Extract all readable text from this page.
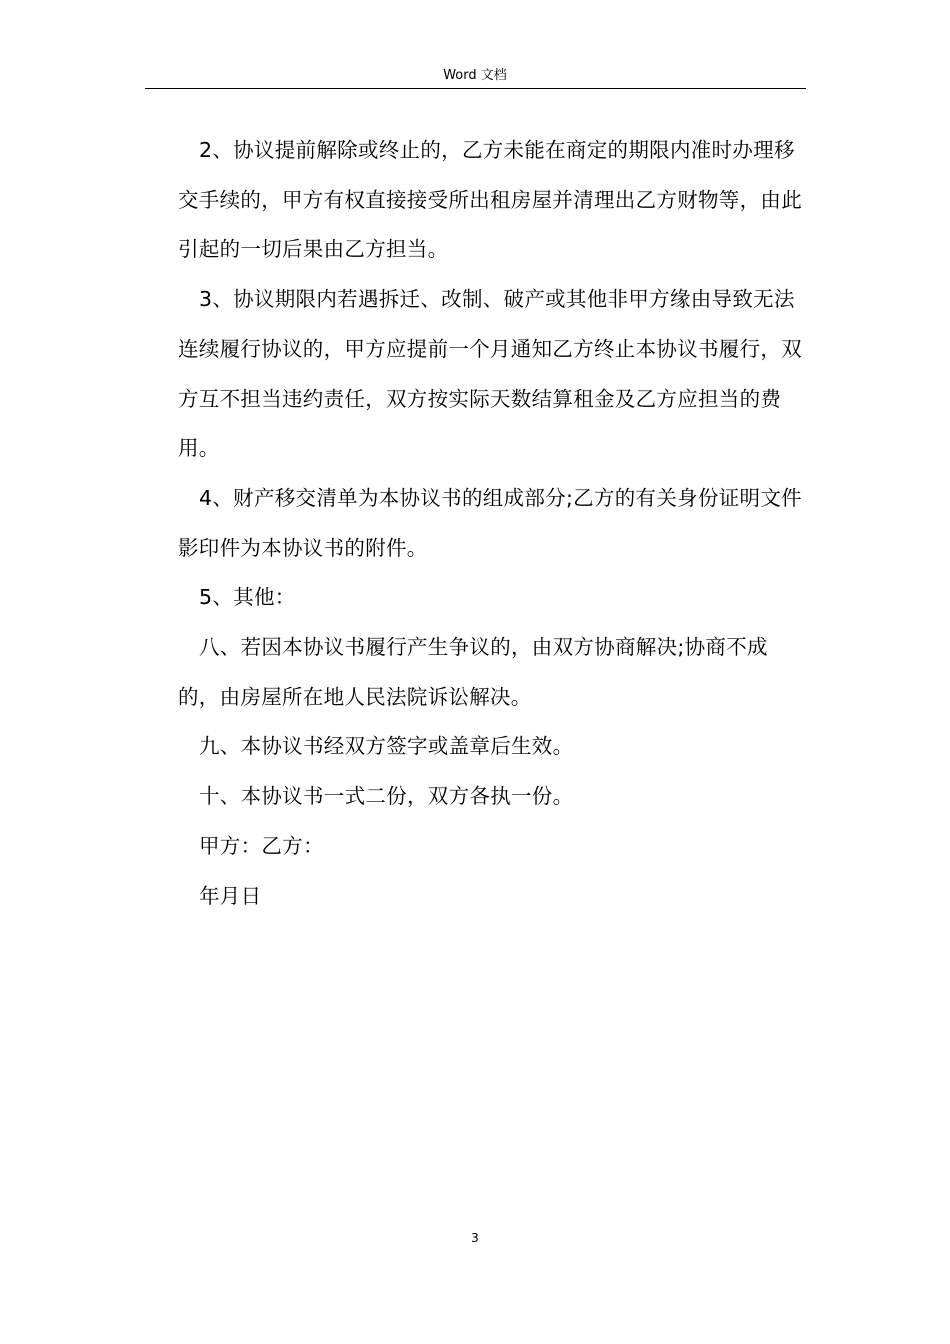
Word 文档

2、协议提前解除或终止的，乙方未能在商定的期限内准时办理移交手续的，甲方有权直接接受所出租房屋并清理出乙方财物等，由此引起的一切后果由乙方担当。

3、协议期限内若遇拆迁、改制、破产或其他非甲方缘由导致无法连续履行协议的，甲方应提前一个月通知乙方终止本协议书履行，双方互不担当违约责任，双方按实际天数结算租金及乙方应担当的费用。

4、财产移交清单为本协议书的组成部分;乙方的有关身份证明文件影印件为本协议书的附件。

5、其他：

八、若因本协议书履行产生争议的，由双方协商解决;协商不成的，由房屋所在地人民法院诉讼解决。

九、本协议书经双方签字或盖章后生效。

十、本协议书一式二份，双方各执一份。

甲方：乙方：

年月日

3
